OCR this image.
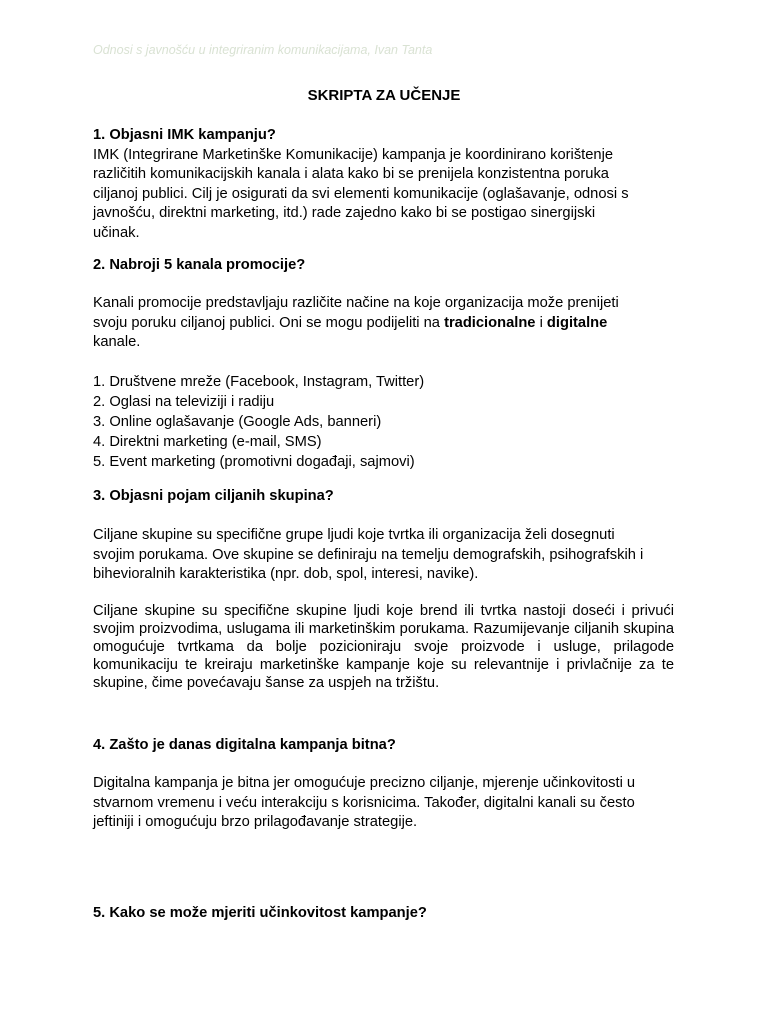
Odnosi s javnošću u integriranim komunikacijama, Ivan Tanta
SKRIPTA ZA UČENJE
1. Objasni IMK kampanju?
IMK (Integrirane Marketinške Komunikacije) kampanja je koordinirano korištenje
različitih komunikacijskih kanala i alata kako bi se prenijela konzistentna poruka
ciljanoj publici. Cilj je osigurati da svi elementi komunikacije (oglašavanje, odnosi s
javnošću, direktni marketing, itd.) rade zajedno kako bi se postigao sinergijski
učinak.
2. Nabroji 5 kanala promocije?
Kanali promocije predstavljaju različite načine na koje organizacija može prenijeti
svoju poruku ciljanoj publici. Oni se mogu podijeliti na tradicionalne i digitalne
kanale.
1. Društvene mreže (Facebook, Instagram, Twitter)
2. Oglasi na televiziji i radiju
3. Online oglašavanje (Google Ads, banneri)
4. Direktni marketing (e-mail, SMS)
5. Event marketing (promotivni događaji, sajmovi)
3. Objasni pojam ciljanih skupina?
Ciljane skupine su specifične grupe ljudi koje tvrtka ili organizacija želi dosegnuti
svojim porukama. Ove skupine se definiraju na temelju demografskih, psihografskih i
bihevioralnih karakteristika (npr. dob, spol, interesi, navike).
Ciljane skupine su specifične skupine ljudi koje brend ili tvrtka nastoji doseći i privući svojim proizvodima, uslugama ili marketinškim porukama. Razumijevanje ciljanih skupina omogućuje tvrtkama da bolje pozicioniraju svoje proizvode i usluge, prilagode komunikaciju te kreiraju marketinške kampanje koje su relevantnije i privlačnije za te skupine, čime povećavaju šanse za uspjeh na tržištu.
4. Zašto je danas digitalna kampanja bitna?
Digitalna kampanja je bitna jer omogućuje precizno ciljanje, mjerenje učinkovitosti u
stvarnom vremenu i veću interakciju s korisnicima. Također, digitalni kanali su često
jeftiniji i omogućuju brzo prilagođavanje strategije.
5. Kako se može mjeriti učinkovitost kampanje?
